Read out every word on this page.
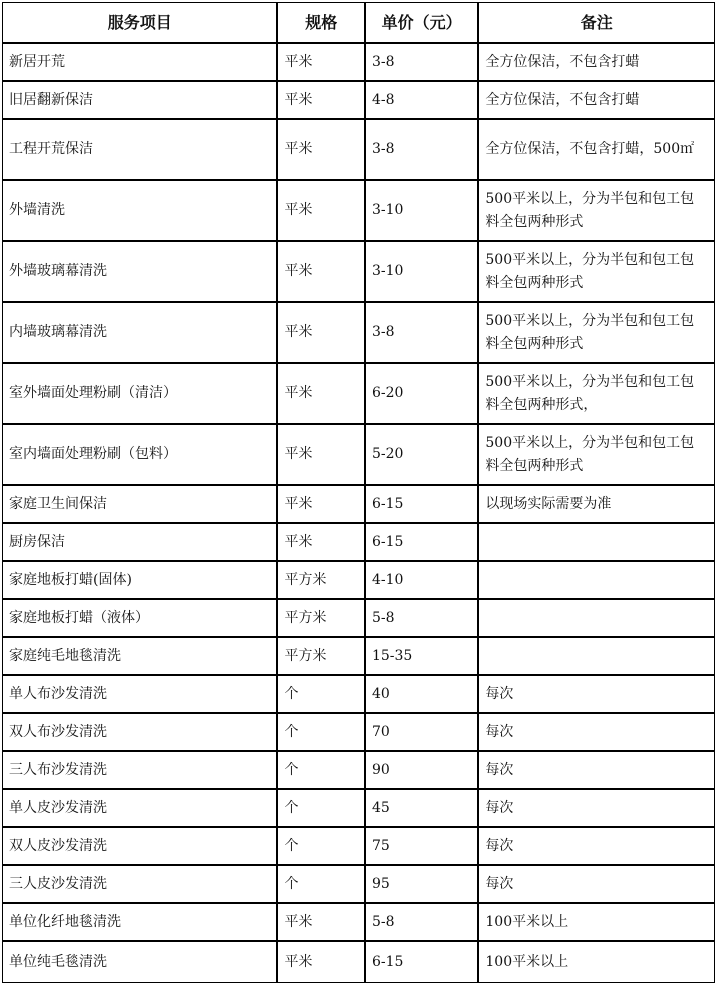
服务项目	规格	单价（元）	备注
新居开荒	平米	3-8	全方位保洁，不包含打蜡
旧居翻新保洁	平米	4-8	全方位保洁，不包含打蜡
工程开荒保洁	平米	3-8	全方位保洁，不包含打蜡，500㎡
外墙清洗	平米	3-10	500平米以上，分为半包和包工包料全包两种形式
外墙玻璃幕清洗	平米	3-10	500平米以上，分为半包和包工包料全包两种形式
内墙玻璃幕清洗	平米	3-8	500平米以上，分为半包和包工包料全包两种形式
室外墙面处理粉刷（清洁）	平米	6-20	500平米以上，分为半包和包工包料全包两种形式，
室内墙面处理粉刷（包料）	平米	5-20	500平米以上，分为半包和包工包料全包两种形式
家庭卫生间保洁	平米	6-15	以现场实际需要为准
厨房保洁	平米	6-15	
家庭地板打蜡(固体)	平方米	4-10	
家庭地板打蜡（液体）	平方米	5-8	
家庭纯毛地毯清洗	平方米	15-35	
单人布沙发清洗	个	40	每次
双人布沙发清洗	个	70	每次
三人布沙发清洗	个	90	每次
单人皮沙发清洗	个	45	每次
双人皮沙发清洗	个	75	每次
三人皮沙发清洗	个	95	每次
单位化纤地毯清洗	平米	5-8	100平米以上
单位纯毛毯清洗	平米	6-15	100平米以上
